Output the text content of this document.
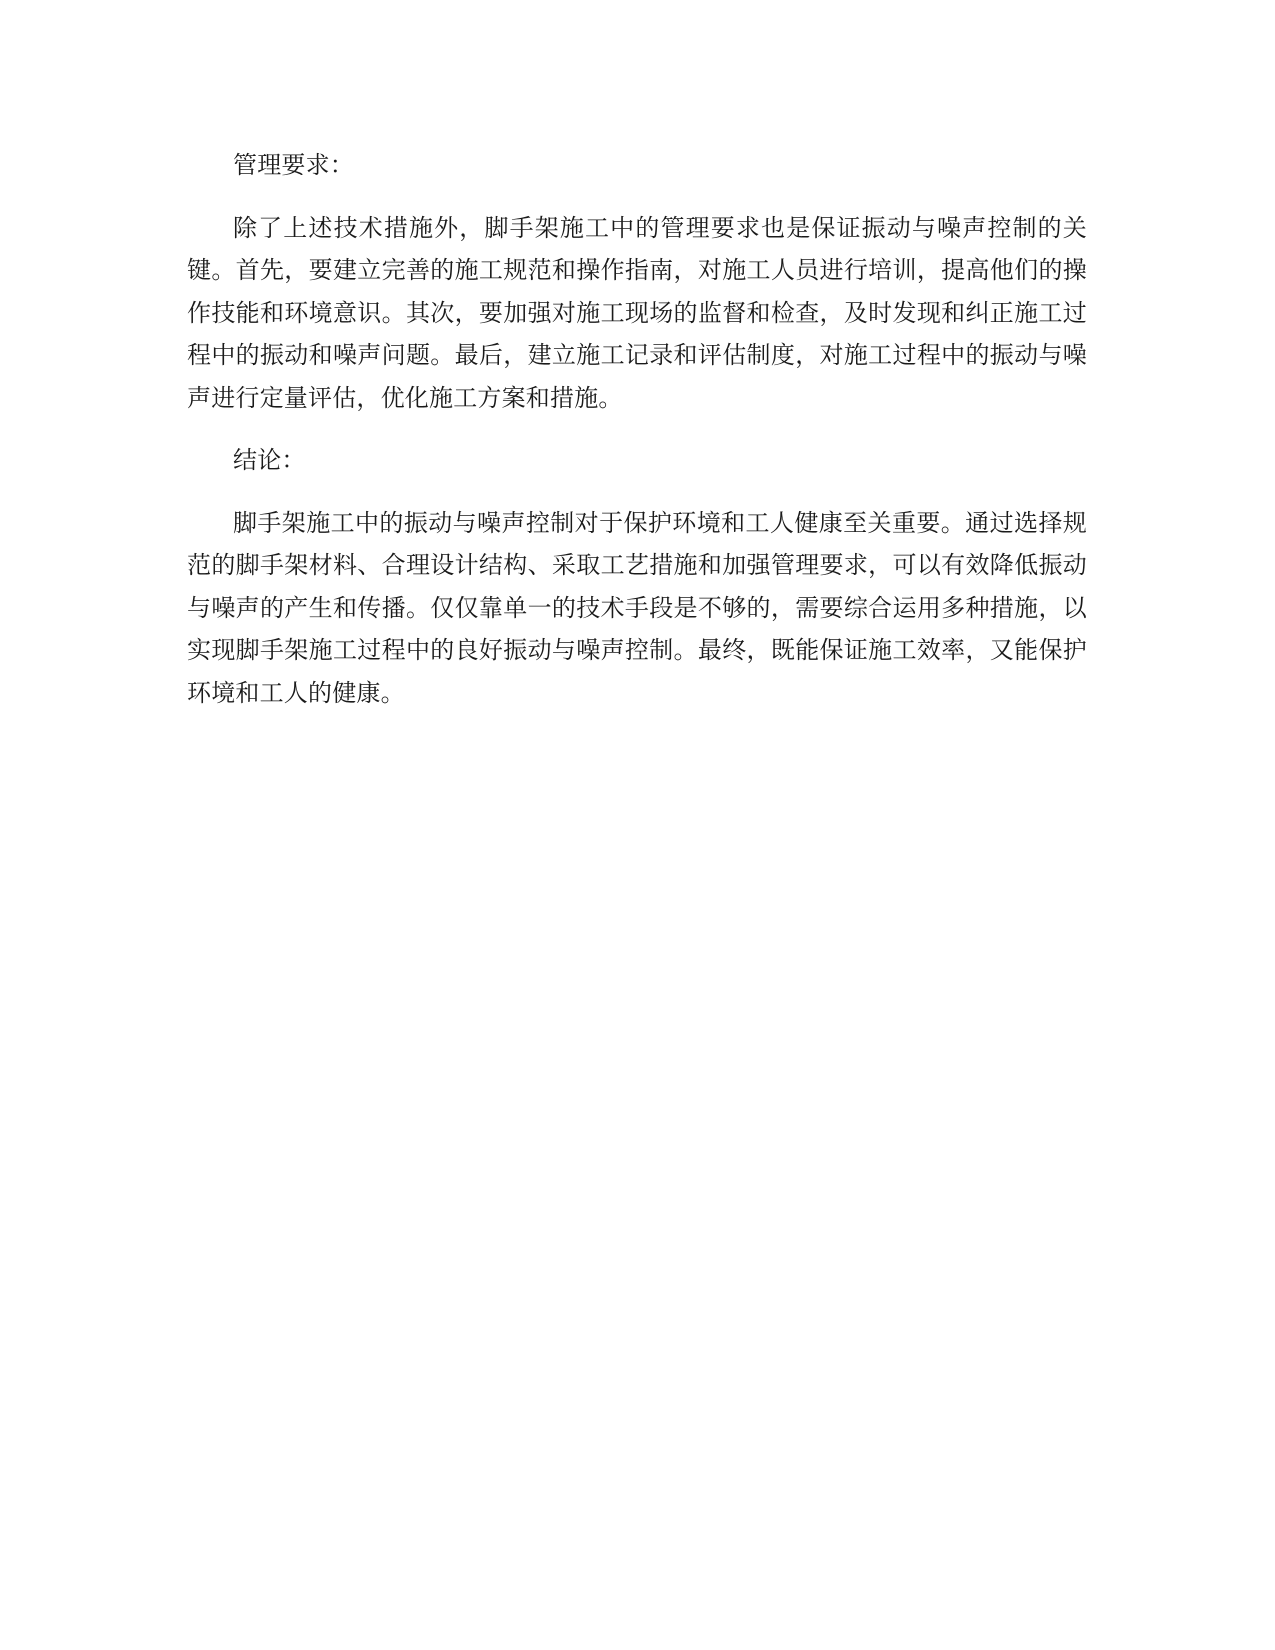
管理要求：

除了上述技术措施外，脚手架施工中的管理要求也是保证振动与噪声控制的关键。首先，要建立完善的施工规范和操作指南，对施工人员进行培训，提高他们的操作技能和环境意识。其次，要加强对施工现场的监督和检查，及时发现和纠正施工过程中的振动和噪声问题。最后，建立施工记录和评估制度，对施工过程中的振动与噪声进行定量评估，优化施工方案和措施。

结论：

脚手架施工中的振动与噪声控制对于保护环境和工人健康至关重要。通过选择规范的脚手架材料、合理设计结构、采取工艺措施和加强管理要求，可以有效降低振动与噪声的产生和传播。仅仅靠单一的技术手段是不够的，需要综合运用多种措施，以实现脚手架施工过程中的良好振动与噪声控制。最终，既能保证施工效率，又能保护环境和工人的健康。
